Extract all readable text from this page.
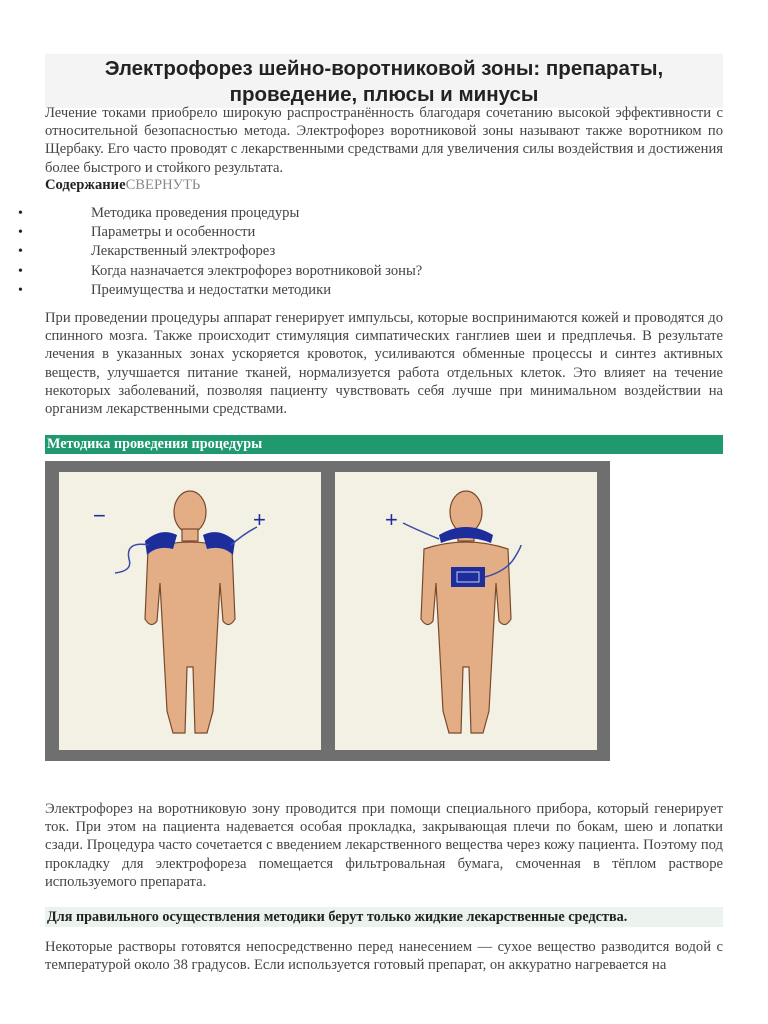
Электрофорез шейно-воротниковой зоны: препараты, проведение, плюсы и минусы

Лечение токами приобрело широкую распространённость благодаря сочетанию высокой эффективности с относительной безопасностью метода. Электрофорез воротниковой зоны называют также воротником по Щербаку. Его часто проводят с лекарственными средствами для увеличения силы воздействия и достижения более быстрого и стойкого результата.

СодержаниеСВЕРНУТЬ
•	Методика проведения процедуры
•	Параметры и особенности
•	Лекарственный электрофорез
•	Когда назначается электрофорез воротниковой зоны?
•	Преимущества и недостатки методики

При проведении процедуры аппарат генерирует импульсы, которые воспринимаются кожей и проводятся до спинного мозга. Также происходит стимуляция симпатических ганглиев шеи и предплечья. В результате лечения в указанных зонах ускоряется кровоток, усиливаются обменные процессы и синтез активных веществ, улучшается питание тканей, нормализуется работа отдельных клеток. Это влияет на течение некоторых заболеваний, позволяя пациенту чувствовать себя лучше при минимальном воздействии на организм лекарственными средствами.

Методика проведения процедуры
−	+	+

Электрофорез на воротниковую зону проводится при помощи специального прибора, который генерирует ток. При этом на пациента надевается особая прокладка, закрывающая плечи по бокам, шею и лопатки сзади. Процедура часто сочетается с введением лекарственного вещества через кожу пациента. Поэтому под прокладку для электрофореза помещается фильтровальная бумага, смоченная в тёплом растворе используемого препарата.

Для правильного осуществления методики берут только жидкие лекарственные средства.

Некоторые растворы готовятся непосредственно перед нанесением — сухое вещество разводится водой с температурой около 38 градусов. Если используется готовый препарат, он аккуратно нагревается на
